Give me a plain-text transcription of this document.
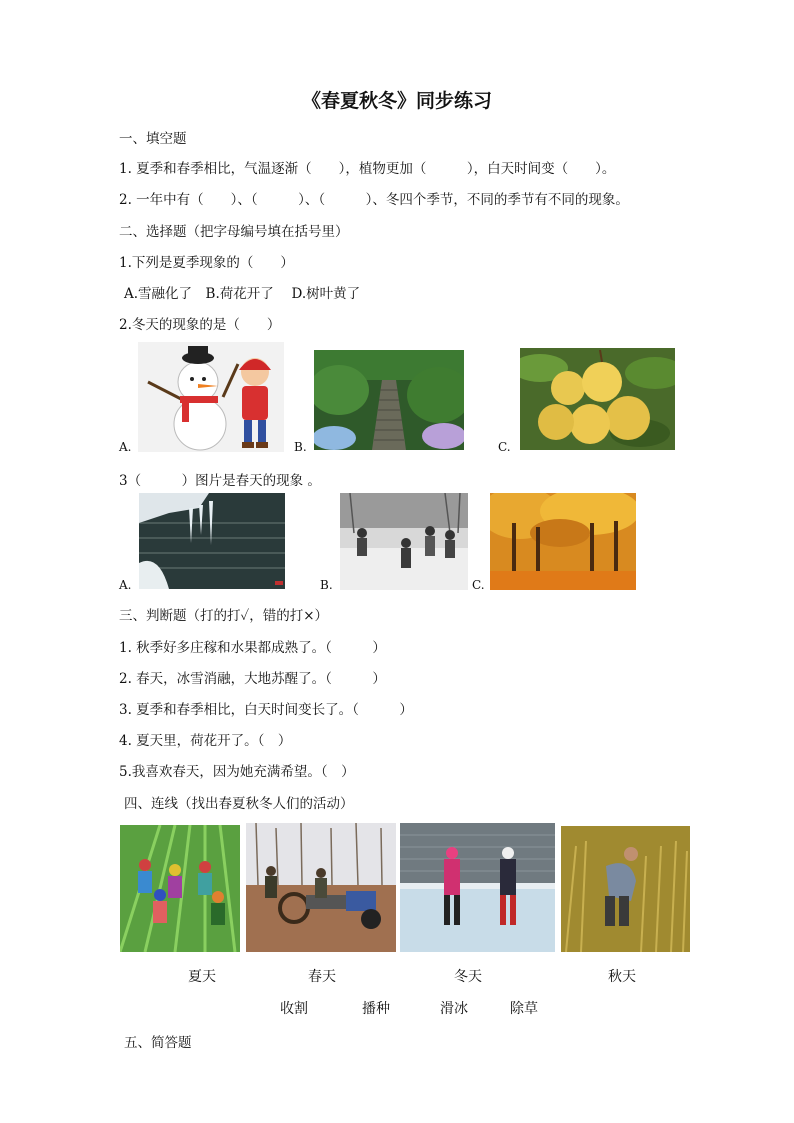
《春夏秋冬》同步练习
一、填空题
1. 夏季和春季相比，气温逐渐（　　），植物更加（　　　），白天时间变（　　）。
2. 一年中有（　　）、（　　　）、（　　　）、冬四个季节，不同的季节有不同的现象。
二、选择题（把字母编号填在括号里）
1.下列是夏季现象的（　　）
A.雪融化了　B.荷花开了　 D.树叶黄了
2.冬天的现象的是（　　）
A.	B.	C.
3（　　　）图片是春天的现象 。
A.	B.	C.
三、判断题（打的打✓，错的打×）
1. 秋季好多庄稼和水果都成熟了。（　　　）
2. 春天，冰雪消融，大地苏醒了。（　　　）
3. 夏季和春季相比，白天时间变长了。（　　　）
4. 夏天里，荷花开了。（　）
5.我喜欢春天，因为她充满希望。（　）
四、连线（找出春夏秋冬人们的活动）
夏天	春天	冬天	秋天
收割	播种	滑冰	除草
五、简答题
